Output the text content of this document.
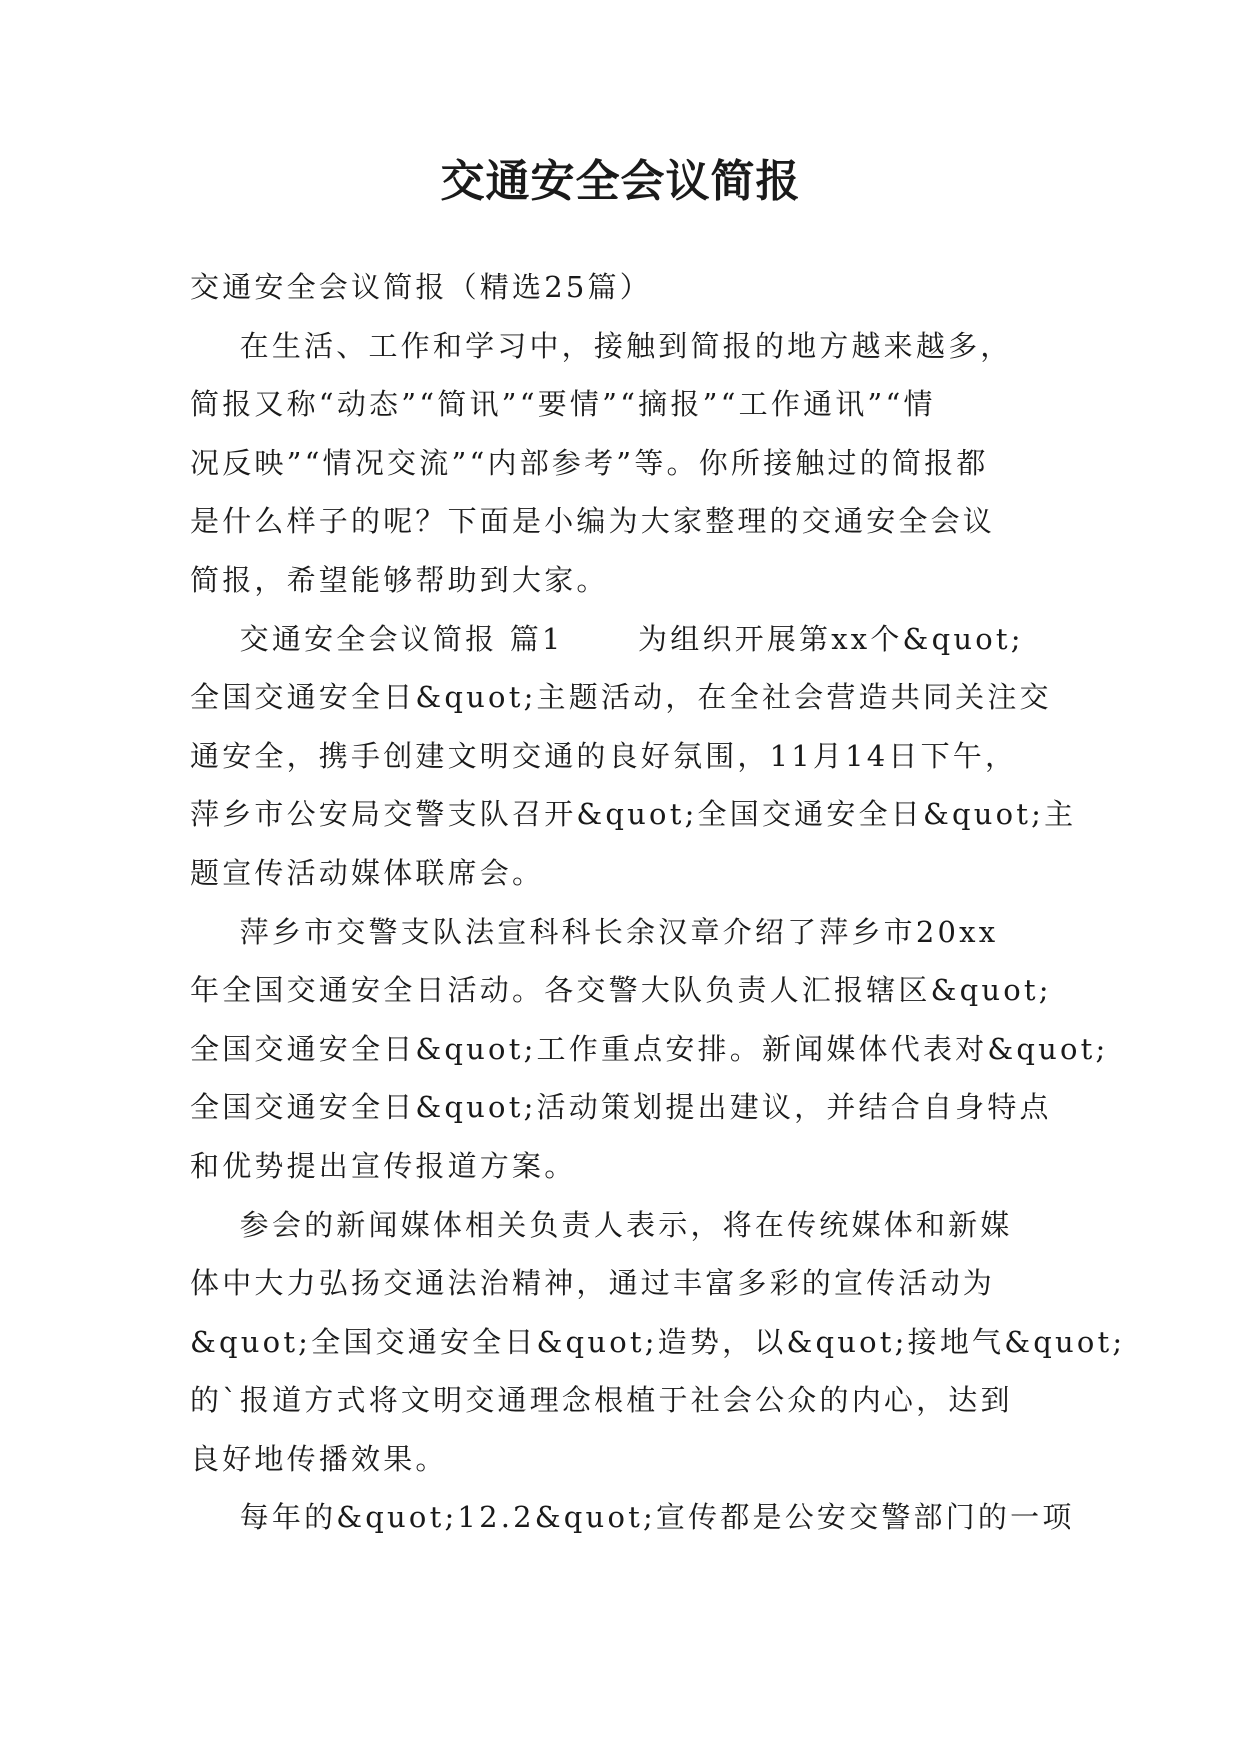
交通安全会议简报

交通安全会议简报（精选25篇）

在生活、工作和学习中，接触到简报的地方越来越多，

简报又称“动态”“简讯”“要情”“摘报”“工作通讯”“情

况反映”“情况交流”“内部参考”等。你所接触过的简报都

是什么样子的呢？下面是小编为大家整理的交通安全会议

简报，希望能够帮助到大家。

交通安全会议简报 篇1      为组织开展第xx个&quot;

全国交通安全日&quot;主题活动，在全社会营造共同关注交

通安全，携手创建文明交通的良好氛围，11月14日下午，

萍乡市公安局交警支队召开&quot;全国交通安全日&quot;主

题宣传活动媒体联席会。

萍乡市交警支队法宣科科长余汉章介绍了萍乡市20xx

年全国交通安全日活动。各交警大队负责人汇报辖区&quot;

全国交通安全日&quot;工作重点安排。新闻媒体代表对&quot;

全国交通安全日&quot;活动策划提出建议，并结合自身特点

和优势提出宣传报道方案。

参会的新闻媒体相关负责人表示，将在传统媒体和新媒

体中大力弘扬交通法治精神，通过丰富多彩的宣传活动为

&quot;全国交通安全日&quot;造势，以&quot;接地气&quot;

的`报道方式将文明交通理念根植于社会公众的内心，达到

良好地传播效果。

每年的&quot;12.2&quot;宣传都是公安交警部门的一项
